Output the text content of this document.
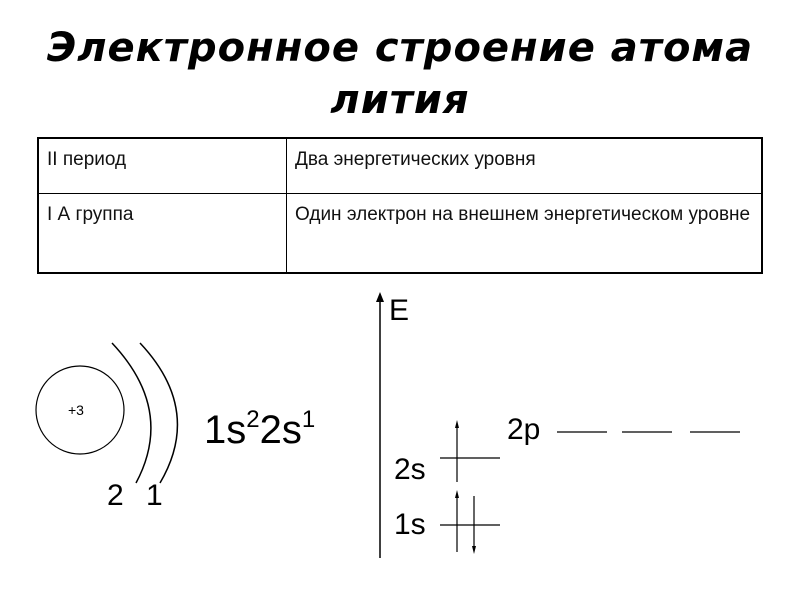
Электронное строение атома лития
II период	Два энергетических уровня
I А группа	Один электрон на внешнем энергетическом уровне
+3
2 1
$1s^22s^1$
E
2s
1s
2p
